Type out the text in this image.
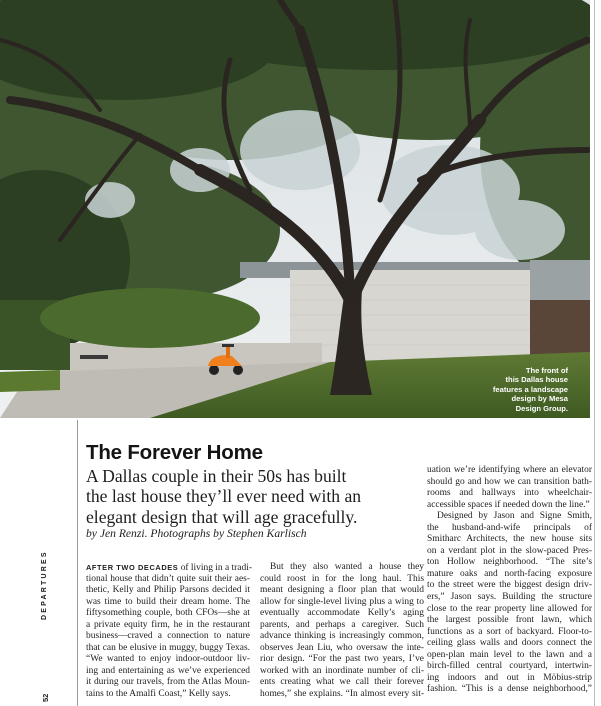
The front of
this Dallas house
features a landscape
design by Mesa
Design Group.
DEPARTURES
52
The Forever Home
A Dallas couple in their 50s has built
the last house they’ll ever need with an
elegant design that will age gracefully.
by Jen Renzi. Photographs by Stephen Karlisch
AFTER TWO DECADES of living in a tradi-
tional house that didn’t quite suit their aes-
thetic, Kelly and Philip Parsons decided it
was time to build their dream home. The
fiftysomething couple, both CFOs—she at
a private equity firm, he in the restaurant
business—craved a connection to nature
that can be elusive in muggy, buggy Texas.
“We wanted to enjoy indoor-outdoor liv-
ing and entertaining as we’ve experienced
it during our travels, from the Atlas Moun-
tains to the Amalfi Coast,” Kelly says.
But they also wanted a house they
could roost in for the long haul. This
meant designing a floor plan that would
allow for single-level living plus a wing to
eventually accommodate Kelly’s aging
parents, and perhaps a caregiver. Such
advance thinking is increasingly common,
observes Jean Liu, who oversaw the inte-
rior design. “For the past two years, I’ve
worked with an inordinate number of cli-
ents creating what we call their forever
homes,” she explains. “In almost every sit-
uation we’re identifying where an elevator
should go and how we can transition bath-
rooms and hallways into wheelchair-
accessible spaces if needed down the line.”
Designed by Jason and Signe Smith,
the husband-and-wife principals of
Smitharc Architects, the new house sits
on a verdant plot in the slow-paced Pres-
ton Hollow neighborhood. “The site’s
mature oaks and north-facing exposure
to the street were the biggest design driv-
ers,” Jason says. Building the structure
close to the rear property line allowed for
the largest possible front lawn, which
functions as a sort of backyard. Floor-to-
ceiling glass walls and doors connect the
open-plan main level to the lawn and a
birch-filled central courtyard, intertwin-
ing indoors and out in Möbius-strip
fashion. “This is a dense neighborhood,”
